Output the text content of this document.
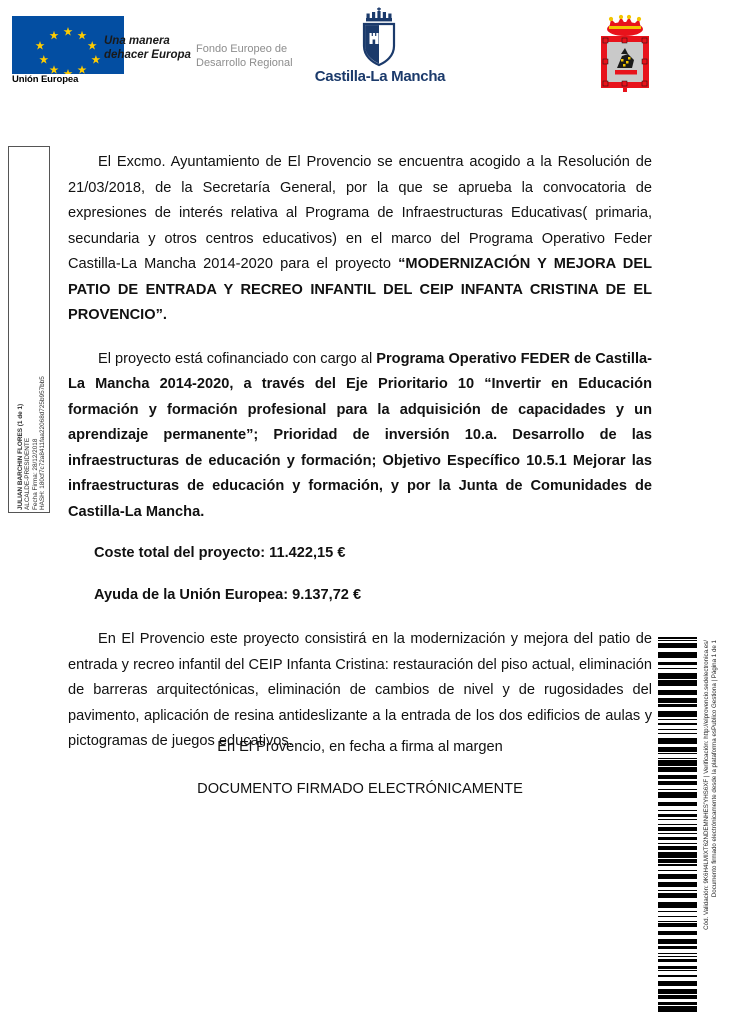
Unión Europea
Una manera
dehacer Europa Fondo Europeo de
Desarrollo Regional
Castilla-La Mancha
JULIAN BARCHIN FLORES (1 de 1) ALCALDE-PRESIDENTE Fecha Firma: 28/12/2018 HASH: 180cf7c72a8411faa22068d725b957bb5

El Excmo. Ayuntamiento de El Provencio se encuentra acogido a la Resolución de 21/03/2018, de la Secretaría General, por la que se aprueba la convocatoria de expresiones de interés relativa al Programa de Infraestructuras Educativas( primaria, secundaria y otros centros educativos) en el marco del Programa Operativo Feder Castilla-La Mancha 2014-2020 para el proyecto “MODERNIZACIÓN Y MEJORA DEL PATIO DE ENTRADA Y RECREO INFANTIL DEL CEIP INFANTA CRISTINA DE EL PROVENCIO”.

El proyecto está cofinanciado con cargo al Programa Operativo FEDER de Castilla-La Mancha 2014-2020, a través del Eje Prioritario 10 “Invertir en Educación formación y formación profesional para la adquisición de capacidades y un aprendizaje permanente”; Prioridad de inversión 10.a. Desarrollo de las infraestructuras de educación y formación; Objetivo Específico 10.5.1 Mejorar las infraestructuras de educación y formación, y por la Junta de Comunidades de Castilla-La Mancha.

Coste total del proyecto: 11.422,15 €
Ayuda de la Unión Europea: 9.137,72 €

En El Provencio este proyecto consistirá en la modernización y mejora del patio de entrada y recreo infantil del CEIP Infanta Cristina: restauración del piso actual, eliminación de barreras arquitectónicas, eliminación de cambios de nivel y de rugosidades del pavimento, aplicación de resina antideslizante a la entrada de los dos edificios de aulas y pictogramas de juegos educativos.

En El Provencio, en fecha a firma al margen
DOCUMENTO FIRMADO ELECTRÓNICAMENTE	Cód. Validación: 9K6H4LMIXT62NDEMNHES'YHS6XF | Verificación: http://elprovencio.sedelectronica.es/ Documento firmado electrónicamente desde la plataforma esPublico Gestiona | Página 1 de 1
